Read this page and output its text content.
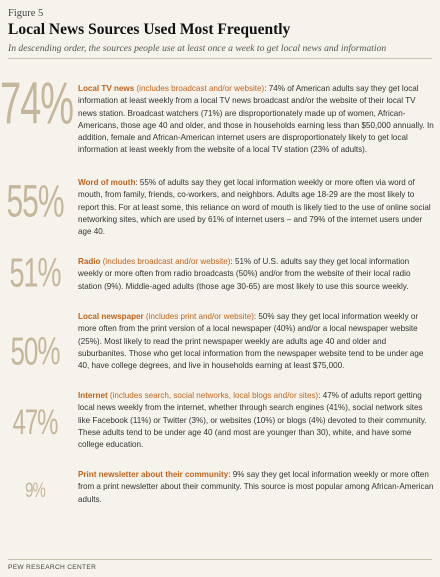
Figure 5
Local News Sources Used Most Frequently
In descending order, the sources people use at least once a week to get local news and information
74% Local TV news (includes broadcast and/or website): 74% of American adults say they get local information at least weekly from a local TV news broadcast and/or the website of their local TV news station. Broadcast watchers (71%) are disproportionately made up of women, African-Americans, those age 40 and older, and those in households earning less than $50,000 annually. In addition, female and African-American internet users are disproportionately likely to get local information at least weekly from the website of a local TV station (23% of adults).
55%	Word of mouth: 55% of adults say they get local information weekly or more often via word of mouth, from family, friends, co-workers, and neighbors. Adults age 18-29 are the most likely to report this. For at least some, this reliance on word of mouth is likely tied to the use of online social networking sites, which are used by 61% of internet users – and 79% of the internet users under age 40.
51%	Radio (includes broadcast and/or website): 51% of U.S. adults say they get local information weekly or more often from radio broadcasts (50%) and/or from the website of their local radio station (9%). Middle-aged adults (those age 30-65) are most likely to use this source weekly.
50%
Local newspaper (includes print and/or website): 50% say they get local information weekly or more often from the print version of a local newspaper (40%) and/or a local newspaper website (25%). Most likely to read the print newspaper weekly are adults age 40 and older and suburbanites. Those who get local information from the newspaper website tend to be under age 40, have college degrees, and live in households earning at least $75,000.
47%
Internet (includes search, social networks, local blogs and/or sites): 47% of adults report getting local news weekly from the internet, whether through search engines (41%), social network sites like Facebook (11%) or Twitter (3%), or websites (10%) or blogs (4%) devoted to their community. These adults tend to be under age 40 (and most are younger than 30), white, and have some college education.
9%
Print newsletter about their community: 9% say they get local information weekly or more often from a print newsletter about their community. This source is most popular among African-American adults.
PEW RESEARCH CENTER
